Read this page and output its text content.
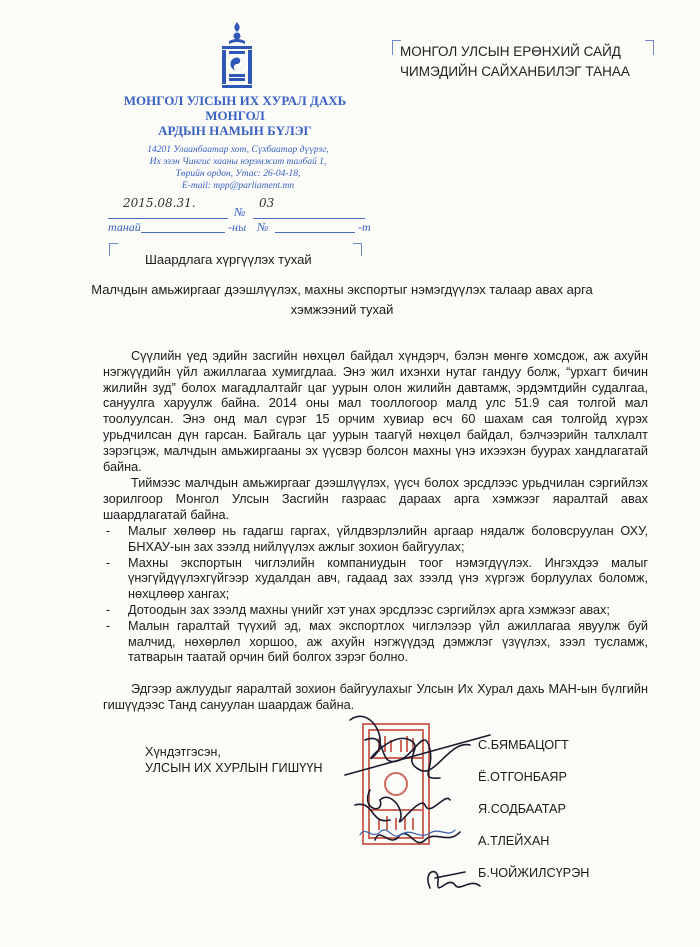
МОНГОЛ УЛСЫН ИХ ХУРАЛ ДАХЬ
МОНГОЛ
АРДЫН НАМЫН БҮЛЭГ
14201 Улаанбаатар хот, Сүхбаатар дүүрэг,
Их эзэн Чингис хааны нэрэмжит талбай 1,
Төрийн ордон, Утас: 26-04-18,
E-mail: mpp@parliament.mn
МОНГОЛ УЛСЫН ЕРӨНХИЙ САЙД
ЧИМЭДИЙН САЙХАНБИЛЭГ ТАНАА
2015.08.31.
№
03
танай	-ны №	-т
Шаардлага хүргүүлэх тухай
Малчдын амьжиргааг дээшлүүлэх, махны экспортыг нэмэгдүүлэх талаар авах арга
хэмжээний тухай

Сүүлийн үед эдийн засгийн нөхцөл байдал хүндэрч, бэлэн мөнгө хомсдож, аж ахуйн нэгжүүдийн үйл ажиллагаа хумигдлаа. Энэ жил ихэнхи нутаг гандуу болж, “урхагт бичин жилийн зуд” болох магадлалтайг цаг уурын олон жилийн давтамж, эрдэмтдийн судалгаа, сануулга харуулж байна. 2014 оны мал тооллогоор малд улс 51.9 сая толгой мал тоолуулсан. Энэ онд мал сүрэг 15 орчим хувиар өсч 60 шахам сая толгойд хүрэх урьдчилсан дүн гарсан. Байгаль цаг уурын таагүй нөхцөл байдал, бэлчээрийн талхлалт зэрэгцэж, малчдын амьжиргааны эх үүсвэр болсон махны үнэ ихээхэн буурах хандлагатай байна.

Тиймээс малчдын амьжиргааг дээшлүүлэх, үүсч болох эрсдлээс урьдчилан сэргийлэх зорилгоор Монгол Улсын Засгийн газраас дараах арга хэмжээг яаралтай авах шаардлагатай байна.

- Малыг хөлөөр нь гадагш гаргах, үйлдвэрлэлийн аргаар нядалж боловсруулан ОХУ, БНХАУ-ын зах зээлд нийлүүлэх ажлыг зохион байгуулах;
- Махны экспортын чиглэлийн компаниудын тоог нэмэгдүүлэх. Ингэхдээ малыг үнэгүйдүүлэхгүйгээр худалдан авч, гадаад зах зээлд үнэ хүргэж борлуулах боломж, нөхцлөөр хангах;
- Дотоодын зах зээлд махны үнийг хэт унах эрсдлээс сэргийлэх арга хэмжээг авах;
- Малын гаралтай түүхий эд, мах экспортлох чиглэлээр үйл ажиллагаа явуулж буй малчид, нөхөрлөл хоршоо, аж ахуйн нэгжүүдэд дэмжлэг үзүүлэх, зээл тусламж, татварын таатай орчин бий болгох зэрэг болно.

Эдгээр ажлуудыг яаралтай зохион байгуулахыг Улсын Их Хурал дахь МАН-ын бүлгийн гишүүдээс Танд сануулан шаардаж байна.

Хүндэтгэсэн,
УЛСЫН ИХ ХУРЛЫН ГИШҮҮН
С.БЯМБАЦОГТ
Ё.ОТГОНБАЯР
Я.СОДБААТАР
А.ТЛЕЙХАН
Б.ЧОЙЖИЛСҮРЭН
